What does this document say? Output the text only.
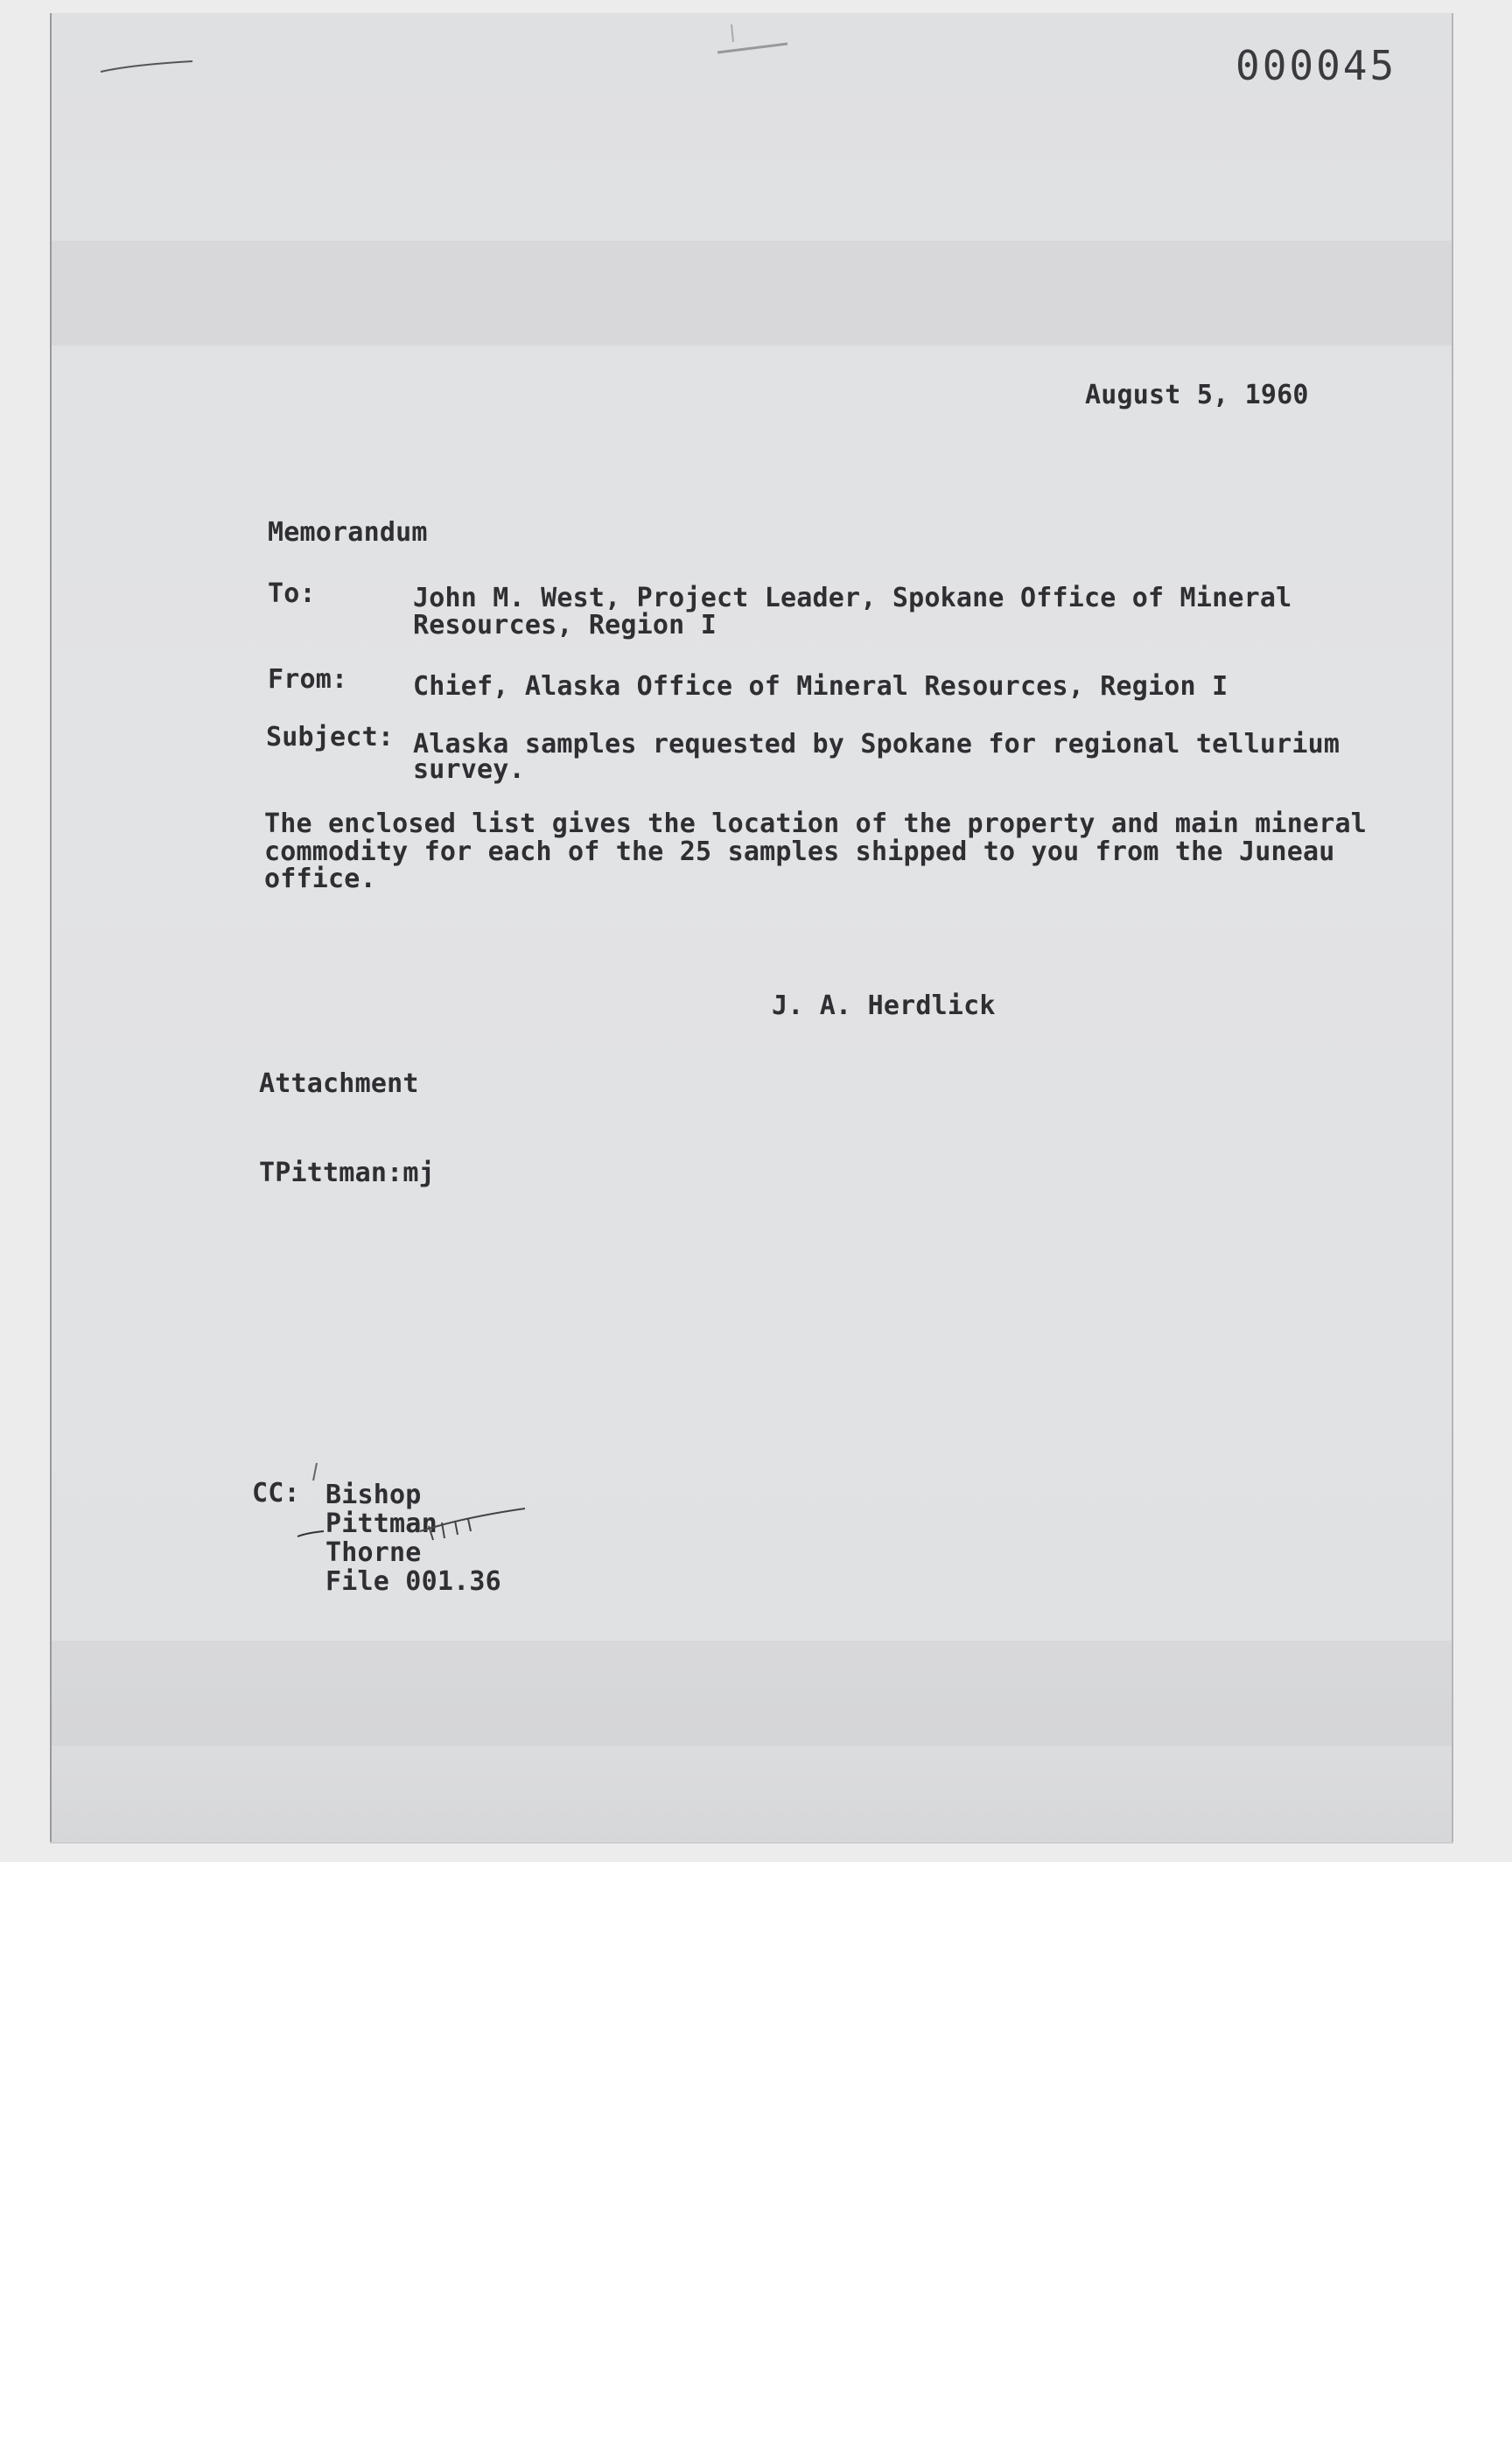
000045
August 5, 1960
Memorandum
To:	John M. West, Project Leader, Spokane Office of Mineral
Resources, Region I
From: Chief, Alaska Office of Mineral Resources, Region I
Subject: Alaska samples requested by Spokane for regional tellurium
survey.
The enclosed list gives the location of the property and main mineral
commodity for each of the 25 samples shipped to you from the Juneau
office.
J. A. Herdlick
Attachment
TPittman:mj
CC: Bishop
Pittman
Thorne
File 001.36
